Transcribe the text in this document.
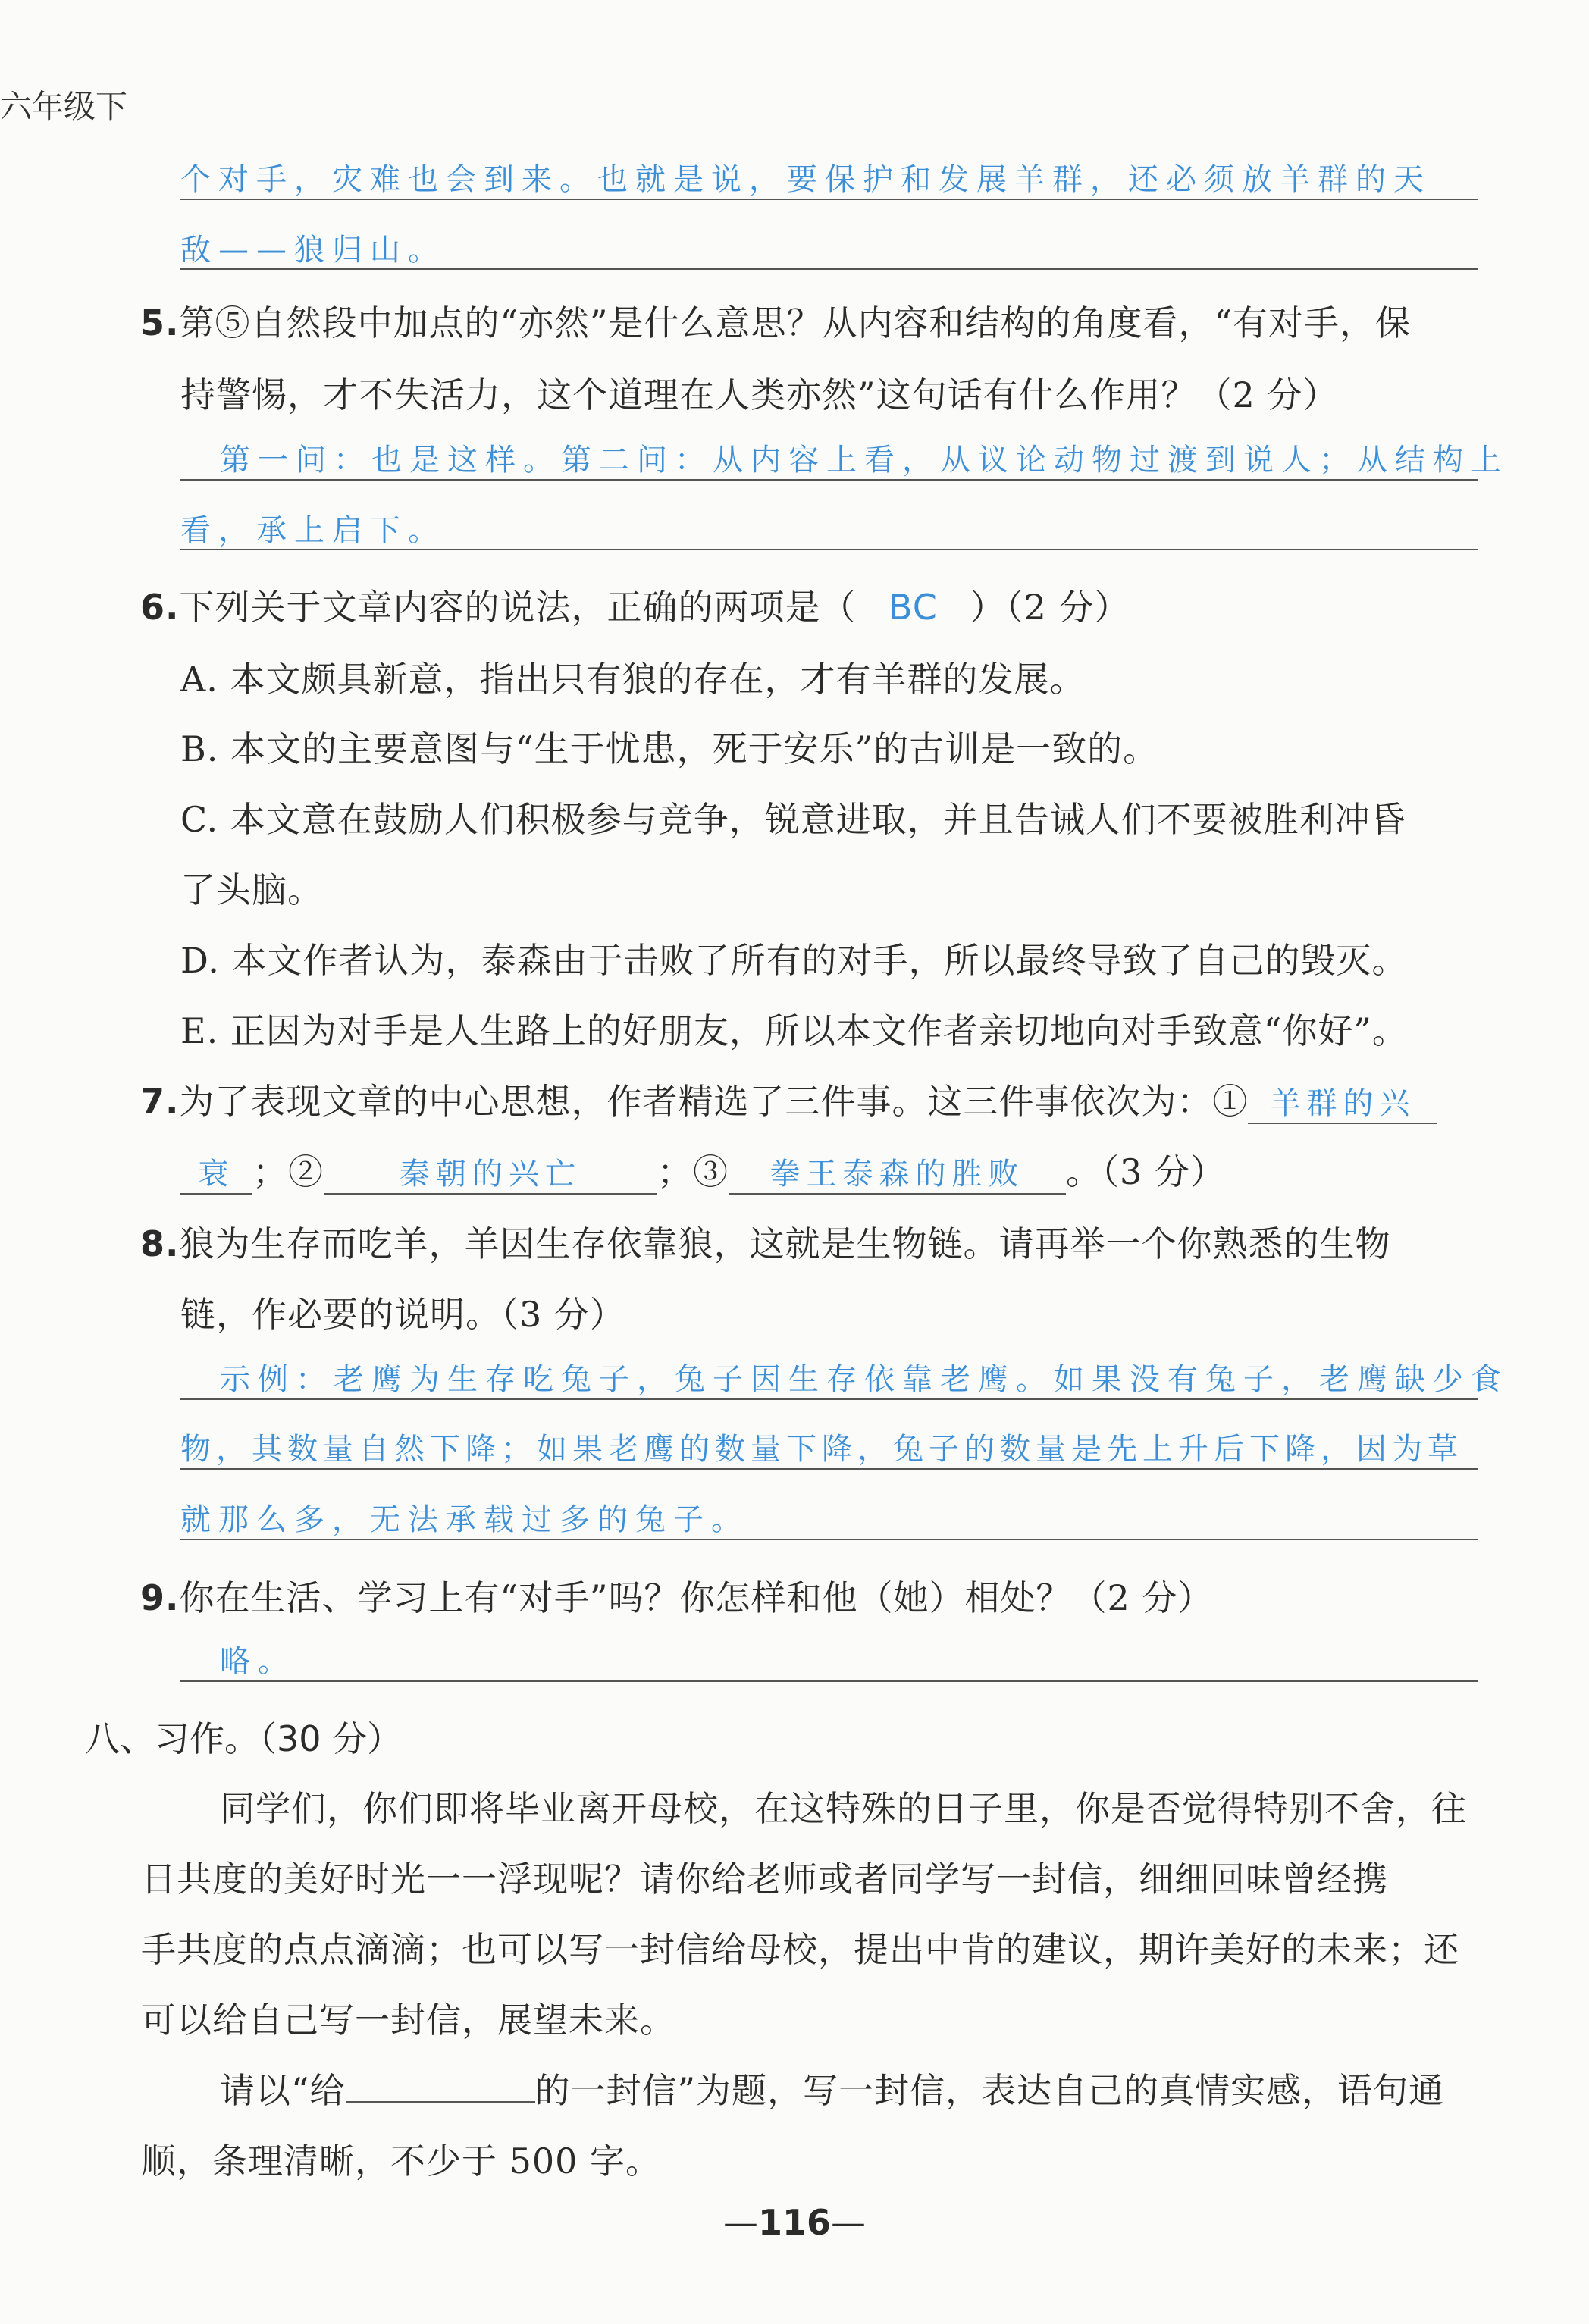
六年级下
个对手，灾难也会到来。也就是说，要保护和发展羊群，还必须放羊群的天
敌——狼归山。
5.第⑤自然段中加点的“亦然”是什么意思？从内容和结构的角度看，“有对手，保
持警惕，才不失活力，这个道理在人类亦然”这句话有什么作用？（2 分）
第一问：也是这样。第二问：从内容上看，从议论动物过渡到说人；从结构上
看，承上启下。
6.下列关于文章内容的说法，正确的两项是（ BC ）（2 分）
A. 本文颇具新意，指出只有狼的存在，才有羊群的发展。
B. 本文的主要意图与“生于忧患，死于安乐”的古训是一致的。
C. 本文意在鼓励人们积极参与竞争，锐意进取，并且告诫人们不要被胜利冲昏
了头脑。
D. 本文作者认为，泰森由于击败了所有的对手，所以最终导致了自己的毁灭。
E. 正因为对手是人生路上的好朋友，所以本文作者亲切地向对手致意“你好”。
7.为了表现文章的中心思想，作者精选了三件事。这三件事依次为：① 羊群的兴
衰 ；②	秦朝的兴亡 ；③ 拳王泰森的胜败 。（3 分）
8.狼为生存而吃羊，羊因生存依靠狼，这就是生物链。请再举一个你熟悉的生物
链，作必要的说明。（3 分）
示例：老鹰为生存吃兔子，兔子因生存依靠老鹰。如果没有兔子，老鹰缺少食
物，其数量自然下降；如果老鹰的数量下降，兔子的数量是先上升后下降，因为草
就那么多，无法承载过多的兔子。
9.你在生活、学习上有“对手”吗？你怎样和他（她）相处？（2 分）
略。
八、习作。（30 分）
同学们，你们即将毕业离开母校，在这特殊的日子里，你是否觉得特别不舍，往
日共度的美好时光一一浮现呢？请你给老师或者同学写一封信，细细回味曾经携
手共度的点点滴滴；也可以写一封信给母校，提出中肯的建议，期许美好的未来；还
可以给自己写一封信，展望未来。
请以“给	的一封信”为题，写一封信，表达自己的真情实感，语句通
顺，条理清晰，不少于 500 字。
—116—
